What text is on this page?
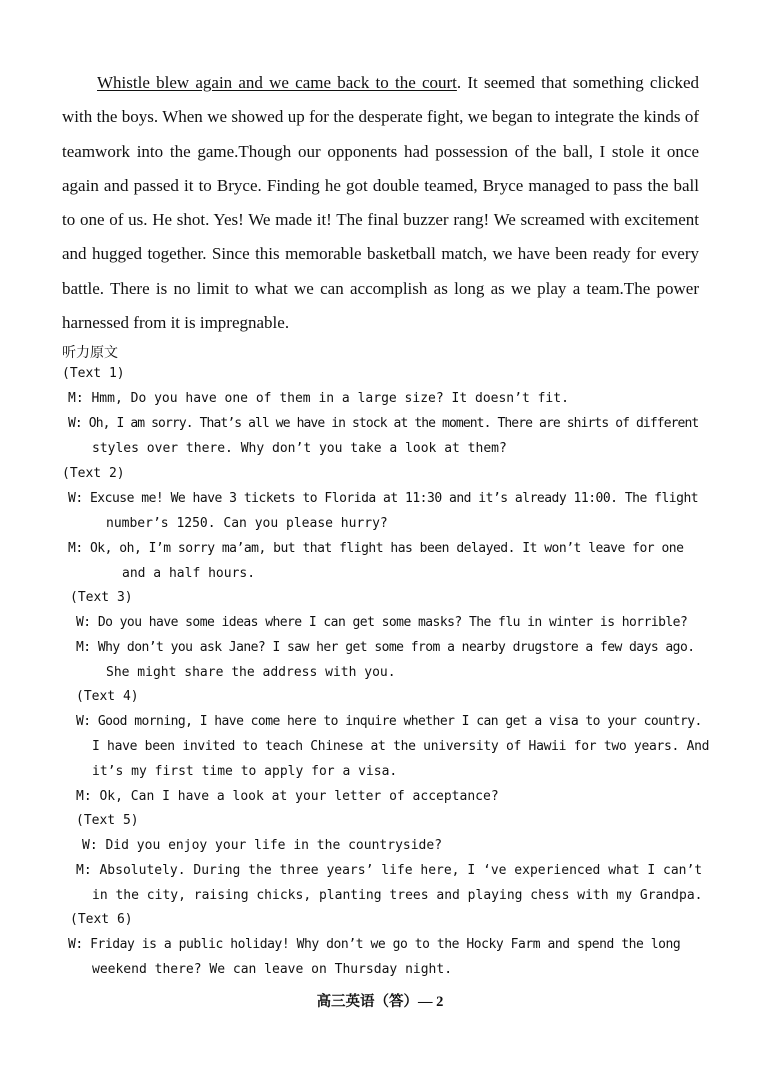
Whistle blew again and we came back to the court. It seemed that something clicked with the boys. When we showed up for the desperate fight, we began to integrate the kinds of teamwork into the game.Though our opponents had possession of the ball, I stole it once again and passed it to Bryce. Finding he got double teamed, Bryce managed to pass the ball to one of us. He shot. Yes! We made it! The final buzzer rang! We screamed with excitement and hugged together. Since this memorable basketball match, we have been ready for every battle. There is no limit to what we can accomplish as long as we play a team.The power harnessed from it is impregnable.

听力原文
(Text 1)
M: Hmm, Do you have one of them in a large size? It doesn’t fit.
W: Oh, I am sorry. That’s all we have in stock at the moment. There are shirts of different
styles over there. Why don’t you take a look at them?
(Text 2)
W: Excuse me! We have 3 tickets to Florida at 11:30 and it’s already 11:00. The flight
number’s 1250. Can you please hurry?
M: Ok, oh, I’m sorry ma’am, but that flight has been delayed. It won’t leave for one
and a half hours.
(Text 3)
W: Do you have some ideas where I can get some masks? The flu in winter is horrible?
M: Why don’t you ask Jane? I saw her get some from a nearby drugstore a few days ago.
She might share the address with you.
(Text 4)
W: Good morning, I have come here to inquire whether I can get a visa to your country.
I have been invited to teach Chinese at the university of Hawii for two years. And
it’s my first time to apply for a visa.
M: Ok, Can I have a look at your letter of acceptance?
(Text 5)
W: Did you enjoy your life in the countryside?
M: Absolutely. During the three years’ life here, I ‘ve experienced what I can’t
in the city, raising chicks, planting trees and playing chess with my Grandpa.
(Text 6)
W: Friday is a public holiday! Why don’t we go to the Hocky Farm and spend the long
weekend there? We can leave on Thursday night.
高三英语（答）— 2
